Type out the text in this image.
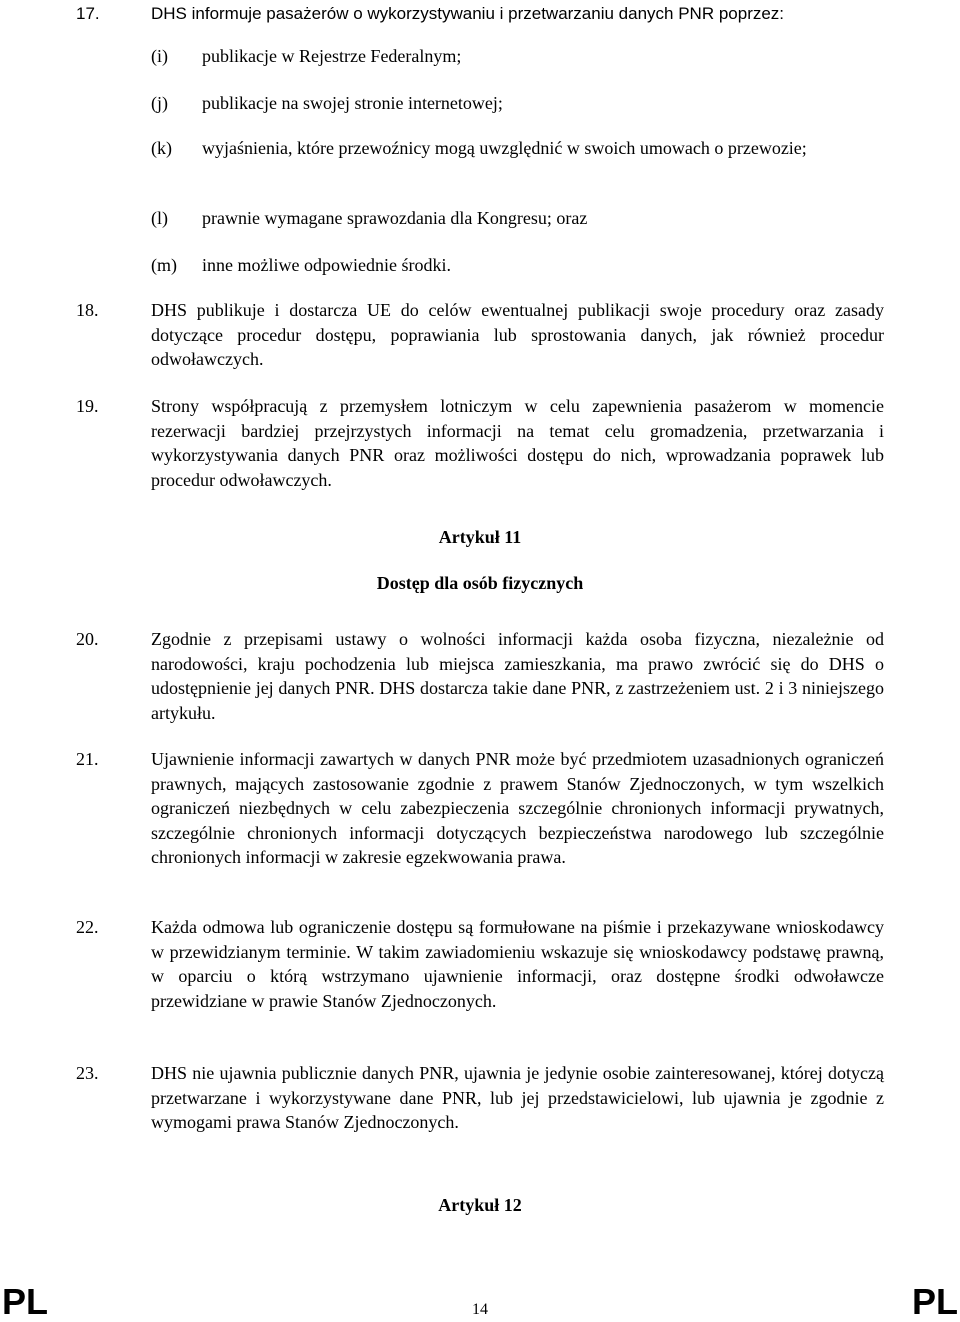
17.	DHS informuje pasażerów o wykorzystywaniu i przetwarzaniu danych PNR poprzez:
(i) publikacje w Rejestrze Federalnym;
(j) publikacje na swojej stronie internetowej;
(k) wyjaśnienia, które przewoźnicy mogą uwzględnić w swoich umowach o przewozie;
(l) prawnie wymagane sprawozdania dla Kongresu; oraz
(m) inne możliwe odpowiednie środki.
18.	DHS publikuje i dostarcza UE do celów ewentualnej publikacji swoje procedury oraz zasady dotyczące procedur dostępu, poprawiania lub sprostowania danych, jak również procedur odwoławczych.
19.	Strony współpracują z przemysłem lotniczym w celu zapewnienia pasażerom w momencie rezerwacji bardziej przejrzystych informacji na temat celu gromadzenia, przetwarzania i wykorzystywania danych PNR oraz możliwości dostępu do nich, wprowadzania poprawek lub procedur odwoławczych.
Artykuł 11
Dostęp dla osób fizycznych
20.	Zgodnie z przepisami ustawy o wolności informacji każda osoba fizyczna, niezależnie od narodowości, kraju pochodzenia lub miejsca zamieszkania, ma prawo zwrócić się do DHS o udostępnienie jej danych PNR. DHS dostarcza takie dane PNR, z zastrzeżeniem ust. 2 i 3 niniejszego artykułu.
21.	Ujawnienie informacji zawartych w danych PNR może być przedmiotem uzasadnionych ograniczeń prawnych, mających zastosowanie zgodnie z prawem Stanów Zjednoczonych, w tym wszelkich ograniczeń niezbędnych w celu zabezpieczenia szczególnie chronionych informacji prywatnych, szczególnie chronionych informacji dotyczących bezpieczeństwa narodowego lub szczególnie chronionych informacji w zakresie egzekwowania prawa.
22.	Każda odmowa lub ograniczenie dostępu są formułowane na piśmie i przekazywane wnioskodawcy w przewidzianym terminie. W takim zawiadomieniu wskazuje się wnioskodawcy podstawę prawną, w oparciu o którą wstrzymano ujawnienie informacji, oraz dostępne środki odwoławcze przewidziane w prawie Stanów Zjednoczonych.
23.	DHS nie ujawnia publicznie danych PNR, ujawnia je jedynie osobie zainteresowanej, której dotyczą przetwarzane i wykorzystywane dane PNR, lub jej przedstawicielowi, lub ujawnia je zgodnie z wymogami prawa Stanów Zjednoczonych.
Artykuł 12
PL	14	PL
